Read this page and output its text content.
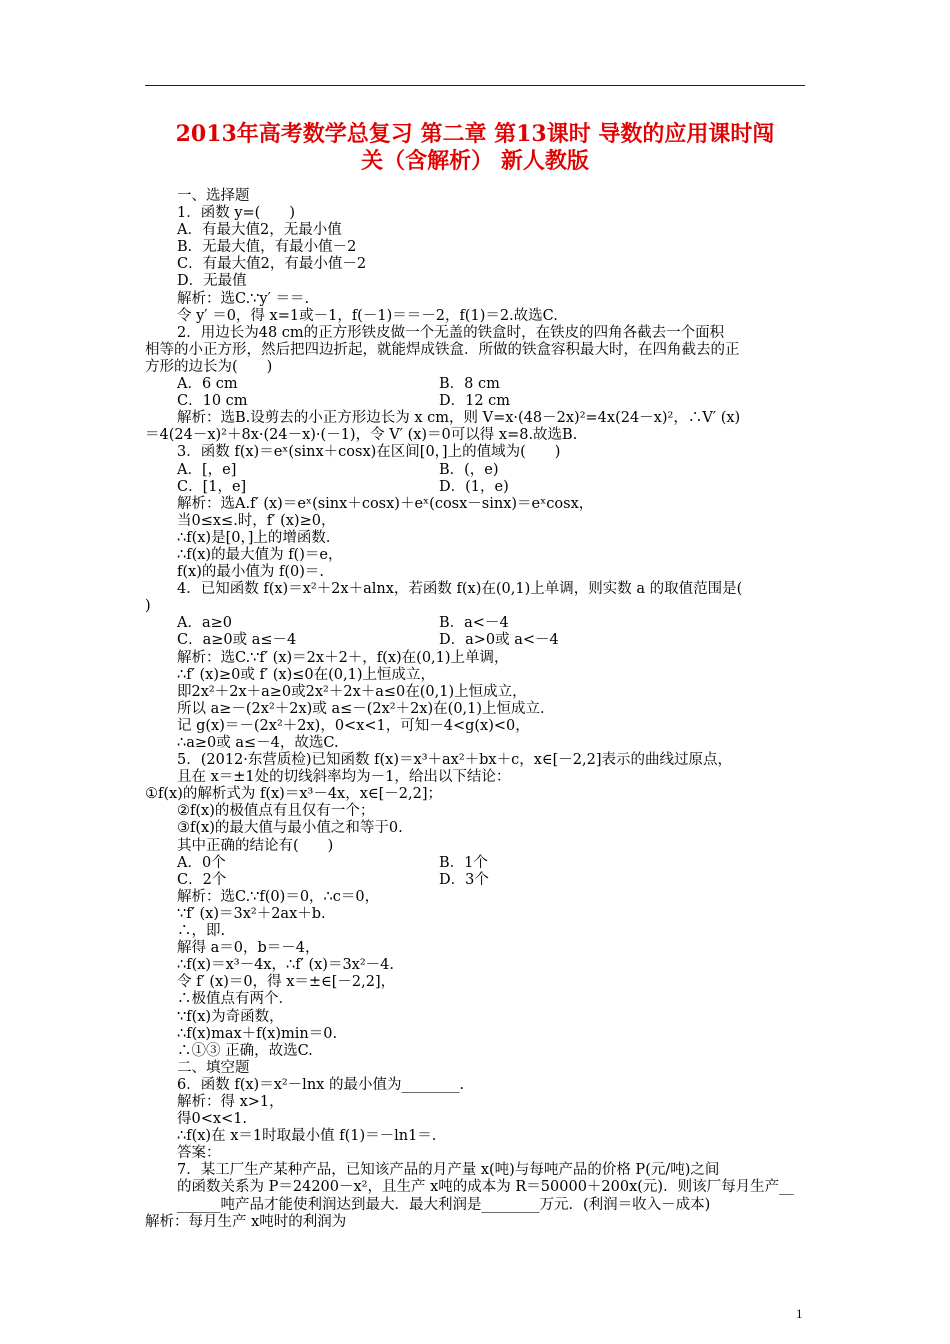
2013年高考数学总复习 第二章 第13课时 导数的应用课时闯
关（含解析） 新人教版
一、选择题
1．函数 y=(　　)
A．有最大值2，无最小值
B．无最大值，有最小值－2
C．有最大值2，有最小值－2
D．无最值
解析：选C.∵y′ ＝＝.
令 y′ ＝0，得 x=1或－1，f(－1)＝＝－2，f(1)＝2.故选C.
2．用边长为48 cm的正方形铁皮做一个无盖的铁盒时，在铁皮的四角各截去一个面积
相等的小正方形，然后把四边折起，就能焊成铁盒．所做的铁盒容积最大时，在四角截去的正
方形的边长为(　　)
A．6 cm	B．8 cm
C．10 cm	D．12 cm
解析：选B.设剪去的小正方形边长为 x cm，则 V=x·(48－2x)²=4x(24－x)²，∴V′ (x)
＝4(24－x)²＋8x·(24－x)·(－1)，令 V′ (x)＝0可以得 x=8.故选B.
3．函数 f(x)＝eˣ(sinx＋cosx)在区间[0，]上的值域为(　　)
A．[，e]	B．(，e)
C．[1，e]	D．(1，e)
解析：选A.f′ (x)＝eˣ(sinx＋cosx)＋eˣ(cosx－sinx)＝eˣcosx，
当0≤x≤.时，f′ (x)≥0，
∴f(x)是[0，]上的增函数．
∴f(x)的最大值为 f()＝e，
f(x)的最小值为 f(0)＝.
4．已知函数 f(x)＝x²＋2x＋alnx，若函数 f(x)在(0,1)上单调，则实数 a 的取值范围是(
)
A．a≥0	B．a<－4
C．a≥0或 a≤－4	D．a>0或 a<－4
解析：选C.∵f′ (x)＝2x＋2＋，f(x)在(0,1)上单调，
∴f′ (x)≥0或 f′ (x)≤0在(0,1)上恒成立，
即2x²＋2x＋a≥0或2x²＋2x＋a≤0在(0,1)上恒成立，
所以 a≥－(2x²＋2x)或 a≤－(2x²＋2x)在(0,1)上恒成立．
记 g(x)＝－(2x²＋2x)，0<x<1，可知－4<g(x)<0，
∴a≥0或 a≤－4，故选C.
5．(2012·东营质检)已知函数 f(x)＝x³＋ax²＋bx＋c，x∈[－2,2]表示的曲线过原点，
且在 x＝±1处的切线斜率均为－1，给出以下结论：
①f(x)的解析式为 f(x)＝x³－4x，x∈[－2,2]；
②f(x)的极值点有且仅有一个；
③f(x)的最大值与最小值之和等于0.
其中正确的结论有(　　)
A．0个	B．1个
C．2个	D．3个
解析：选C.∵f(0)＝0，∴c＝0，
∵f′ (x)＝3x²＋2ax＋b.
∴，即.
解得 a＝0，b＝－4，
∴f(x)＝x³－4x，∴f′ (x)＝3x²－4.
令 f′ (x)＝0，得 x＝±∈[－2,2]，
∴极值点有两个．
∵f(x)为奇函数，
∴f(x)max＋f(x)min＝0.
∴①③ 正确，故选C.
二、填空题
6．函数 f(x)＝x²－lnx 的最小值为________.
解析：得 x>1，
得0<x<1.
∴f(x)在 x＝1时取最小值 f(1)＝－ln1＝.
答案：
7．某工厂生产某种产品，已知该产品的月产量 x(吨)与每吨产品的价格 P(元/吨)之间
的函数关系为 P＝24200－x²，且生产 x吨的成本为 R＝50000＋200x(元)．则该厂每月生产__
______吨产品才能使利润达到最大．最大利润是________万元．(利润＝收入－成本)
解析：每月生产 x吨时的利润为
1
